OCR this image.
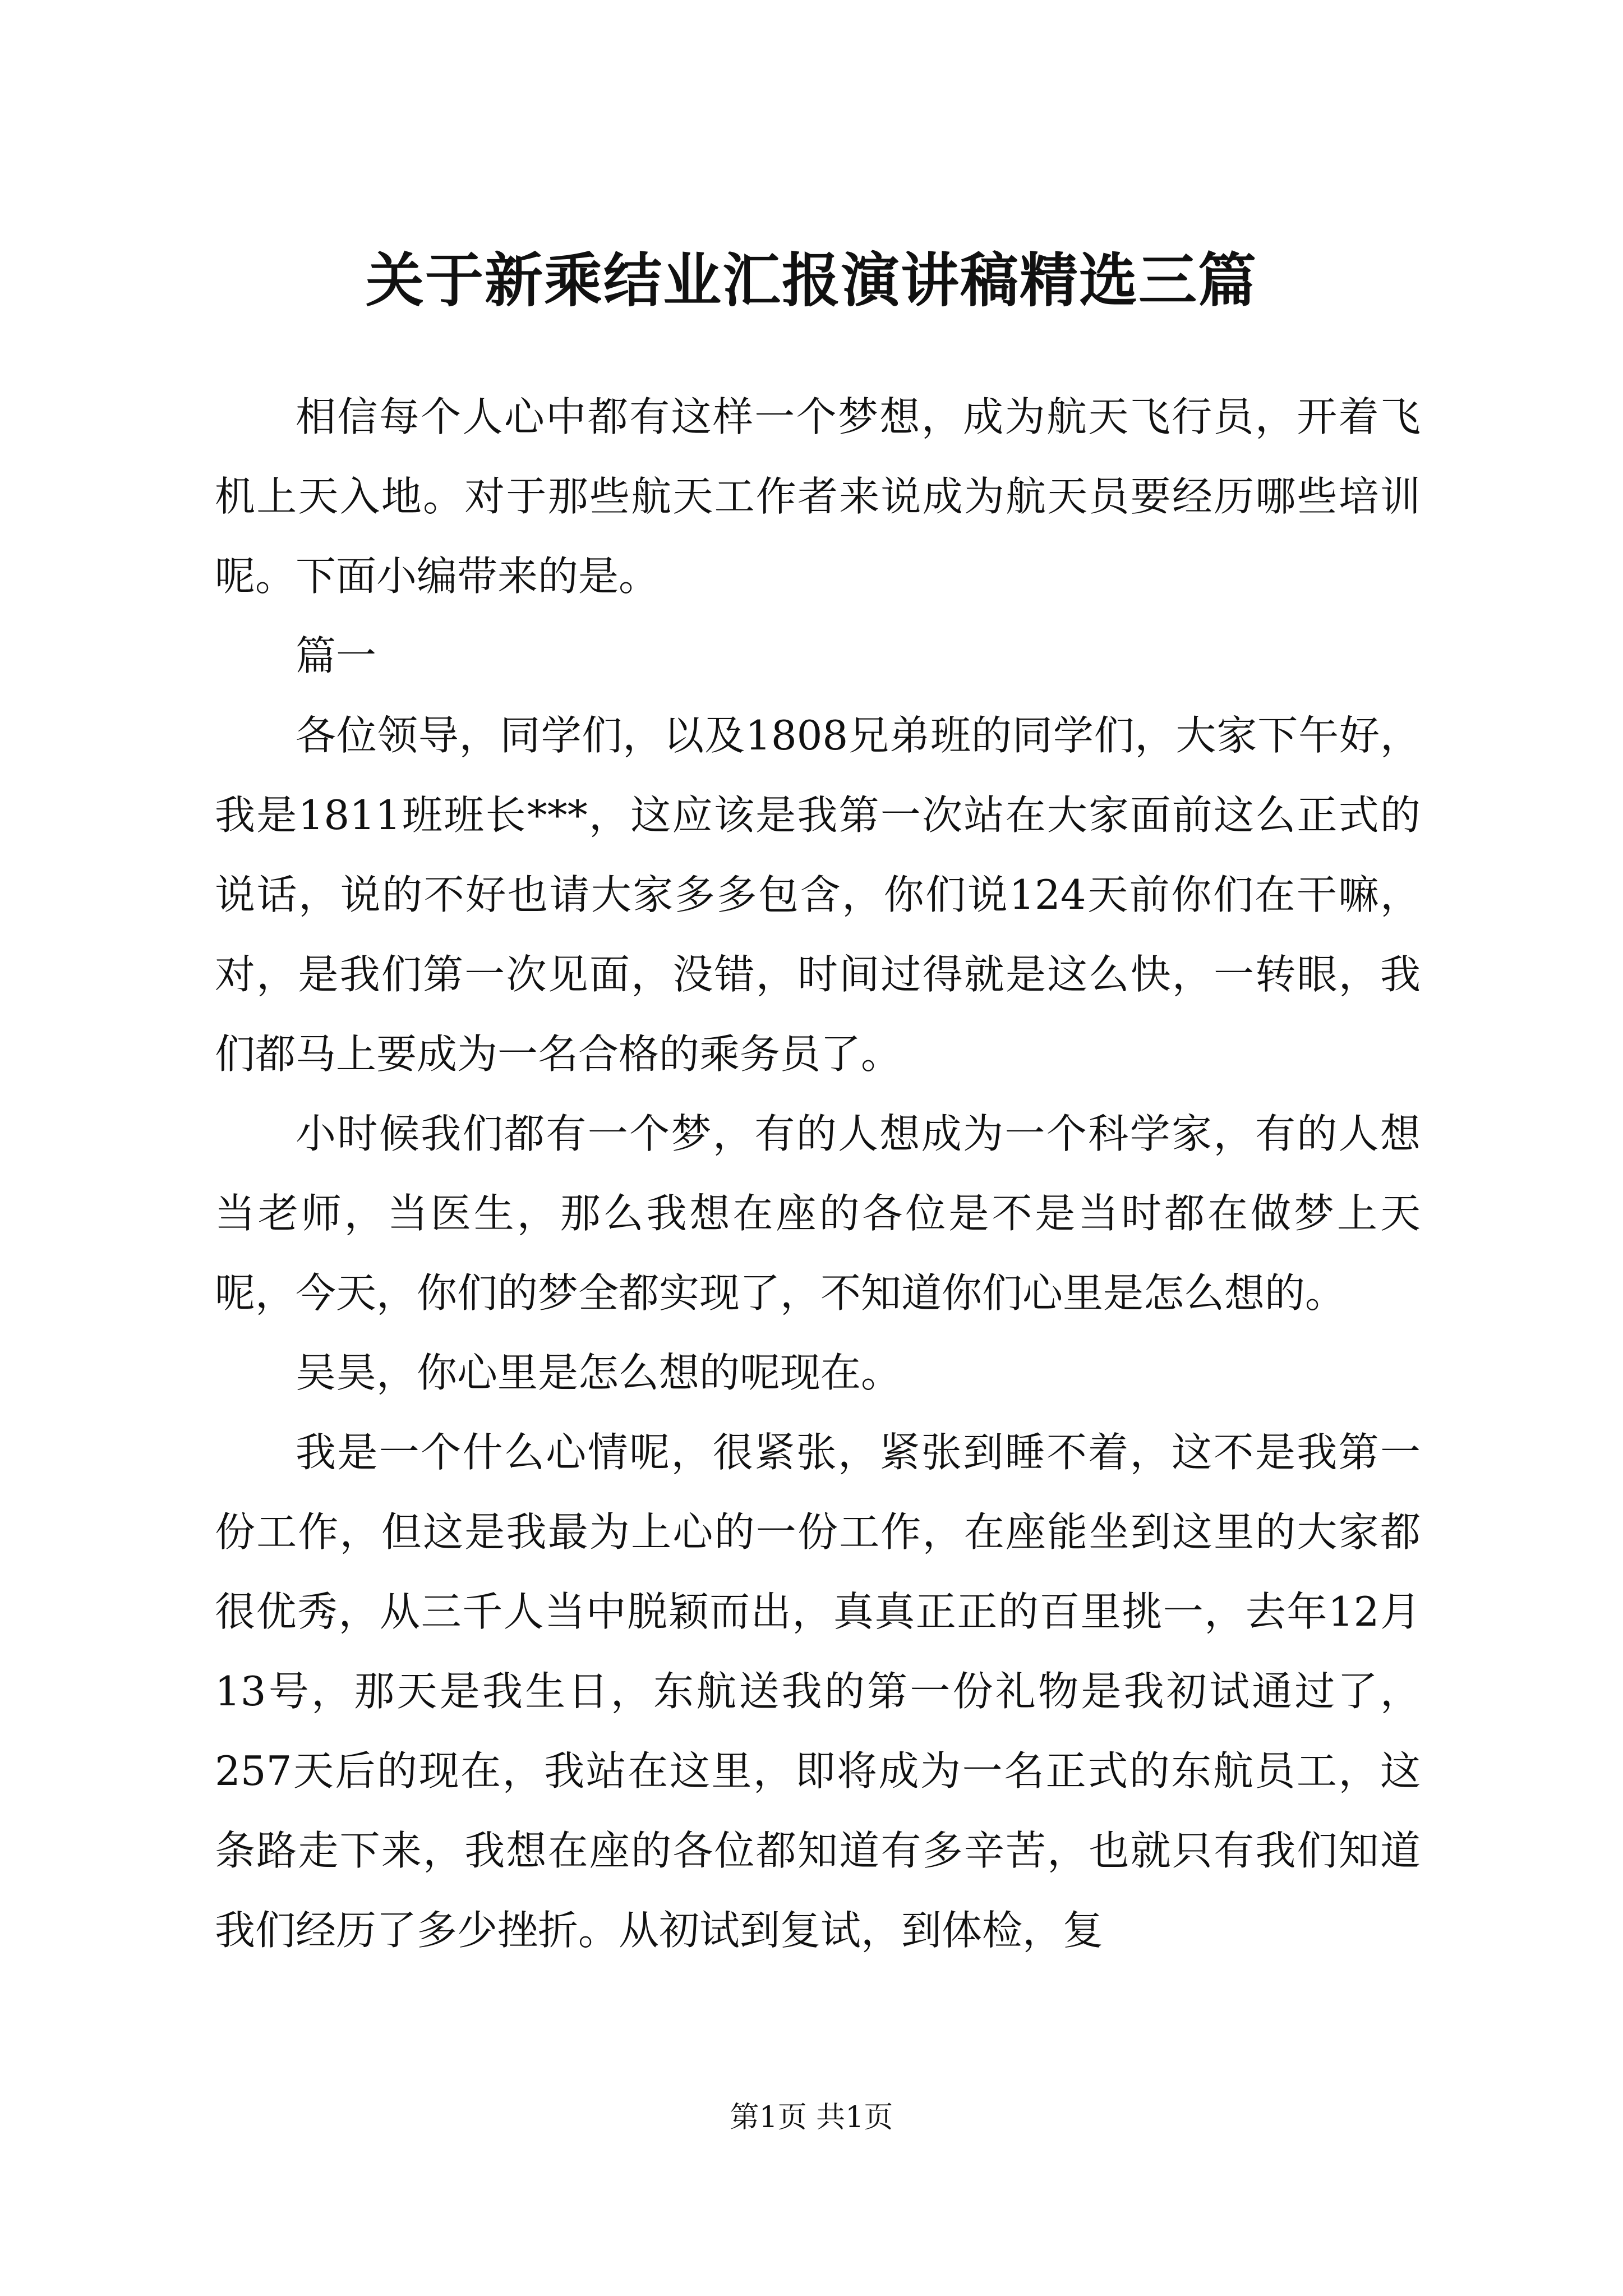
关于新乘结业汇报演讲稿精选三篇

相信每个人心中都有这样一个梦想，成为航天飞行员，开着飞机上天入地。对于那些航天工作者来说成为航天员要经历哪些培训呢。下面小编带来的是。

篇一

各位领导，同学们，以及1808兄弟班的同学们，大家下午好，我是1811班班长***，这应该是我第一次站在大家面前这么正式的说话，说的不好也请大家多多包含，你们说124天前你们在干嘛，对，是我们第一次见面，没错，时间过得就是这么快，一转眼，我们都马上要成为一名合格的乘务员了。

小时候我们都有一个梦，有的人想成为一个科学家，有的人想当老师，当医生，那么我想在座的各位是不是当时都在做梦上天呢，今天，你们的梦全都实现了，不知道你们心里是怎么想的。

吴昊，你心里是怎么想的呢现在。

我是一个什么心情呢，很紧张，紧张到睡不着，这不是我第一份工作，但这是我最为上心的一份工作，在座能坐到这里的大家都很优秀，从三千人当中脱颖而出，真真正正的百里挑一，去年12月13号，那天是我生日，东航送我的第一份礼物是我初试通过了，257天后的现在，我站在这里，即将成为一名正式的东航员工，这条路走下来，我想在座的各位都知道有多辛苦，也就只有我们知道我们经历了多少挫折。从初试到复试，到体检，复

第1页 共1页
